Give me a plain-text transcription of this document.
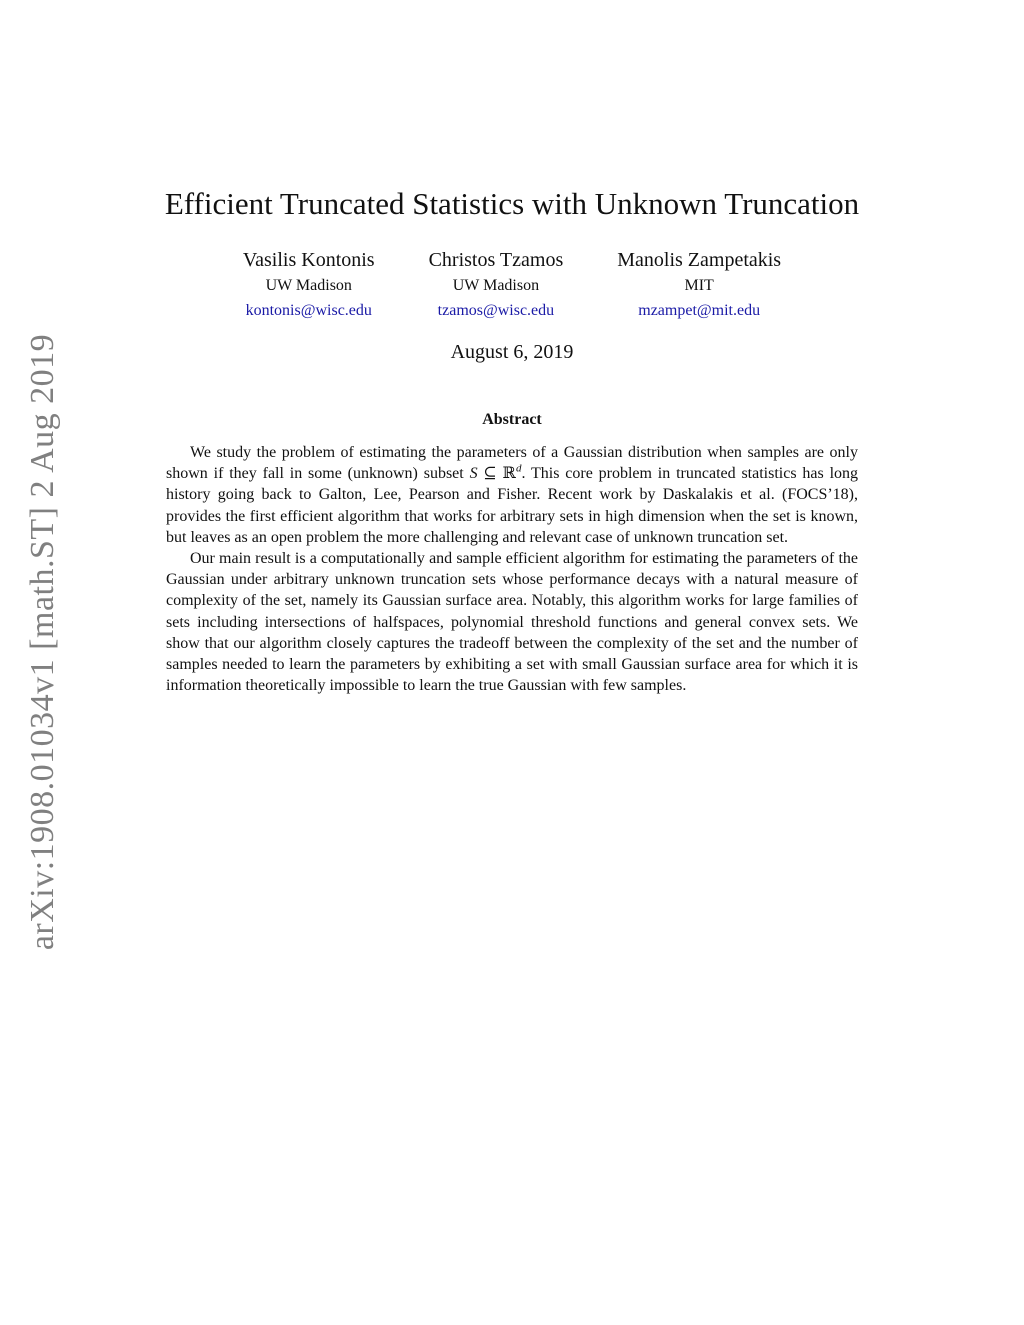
arXiv:1908.01034v1 [math.ST] 2 Aug 2019
Efficient Truncated Statistics with Unknown Truncation
Vasilis Kontonis
UW Madison
kontonis@wisc.edu
Christos Tzamos
UW Madison
tzamos@wisc.edu
Manolis Zampetakis
MIT
mzampet@mit.edu
August 6, 2019
Abstract

We study the problem of estimating the parameters of a Gaussian distribution when samples are only shown if they fall in some (unknown) subset S ⊆ ℝ$^d$. This core problem in truncated statistics has long history going back to Galton, Lee, Pearson and Fisher. Recent work by Daskalakis et al. (FOCS’18), provides the first efficient algorithm that works for arbitrary sets in high dimension when the set is known, but leaves as an open problem the more challenging and relevant case of unknown truncation set.

Our main result is a computationally and sample efficient algorithm for estimating the parameters of the Gaussian under arbitrary unknown truncation sets whose performance decays with a natural measure of complexity of the set, namely its Gaussian surface area. Notably, this algorithm works for large families of sets including intersections of halfspaces, polynomial threshold functions and general convex sets. We show that our algorithm closely captures the tradeoff between the complexity of the set and the number of samples needed to learn the parameters by exhibiting a set with small Gaussian surface area for which it is information theoretically impossible to learn the true Gaussian with few samples.
